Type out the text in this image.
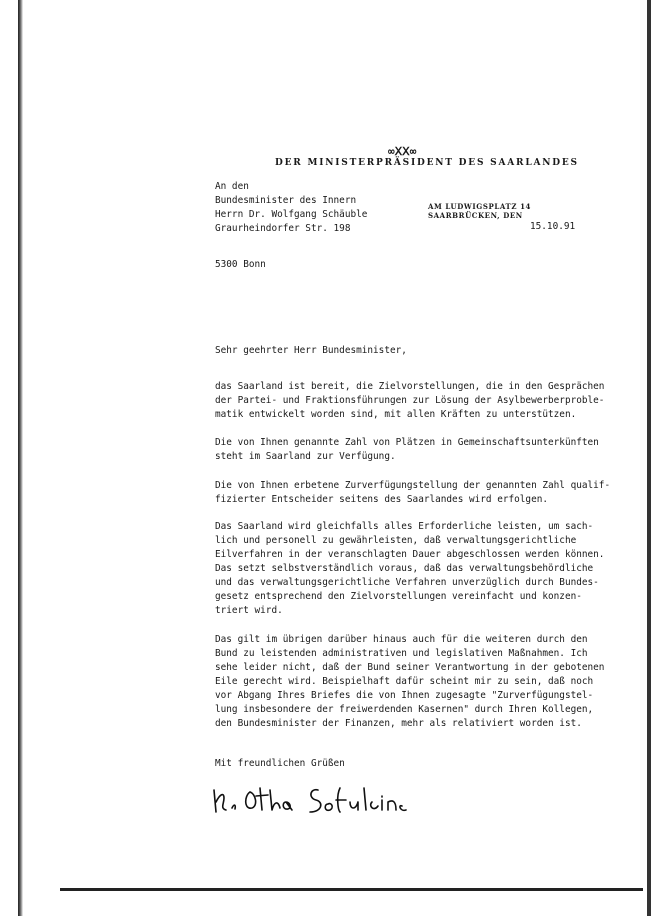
∞ⅩⅩ∞
DER MINISTERPRÄSIDENT DES SAARLANDES
An den
Bundesminister des Innern
Herrn Dr. Wolfgang Schäuble
Graurheindorfer Str. 198
5300 Bonn
AM LUDWIGSPLATZ 14
SAARBRÜCKEN, DEN
15.10.91
Sehr geehrter Herr Bundesminister,
das Saarland ist bereit, die Zielvorstellungen, die in den Gesprächen
der Partei- und Fraktionsführungen zur Lösung der Asylbewerberproble-
matik entwickelt worden sind, mit allen Kräften zu unterstützen.
Die von Ihnen genannte Zahl von Plätzen in Gemeinschaftsunterkünften
steht im Saarland zur Verfügung.
Die von Ihnen erbetene Zurverfügungstellung der genannten Zahl qualif-
fizierter Entscheider seitens des Saarlandes wird erfolgen.
Das Saarland wird gleichfalls alles Erforderliche leisten, um sach-
lich und personell zu gewährleisten, daß verwaltungsgerichtliche
Eilverfahren in der veranschlagten Dauer abgeschlossen werden können.
Das setzt selbstverständlich voraus, daß das verwaltungsbehördliche
und das verwaltungsgerichtliche Verfahren unverzüglich durch Bundes-
gesetz entsprechend den Zielvorstellungen vereinfacht und konzen-
triert wird.
Das gilt im übrigen darüber hinaus auch für die weiteren durch den
Bund zu leistenden administrativen und legislativen Maßnahmen. Ich
sehe leider nicht, daß der Bund seiner Verantwortung in der gebotenen
Eile gerecht wird. Beispielhaft dafür scheint mir zu sein, daß noch
vor Abgang Ihres Briefes die von Ihnen zugesagte "Zurverfügungstel-
lung insbesondere der freiwerdenden Kasernen" durch Ihren Kollegen,
den Bundesminister der Finanzen, mehr als relativiert worden ist.
Mit freundlichen Grüßen
